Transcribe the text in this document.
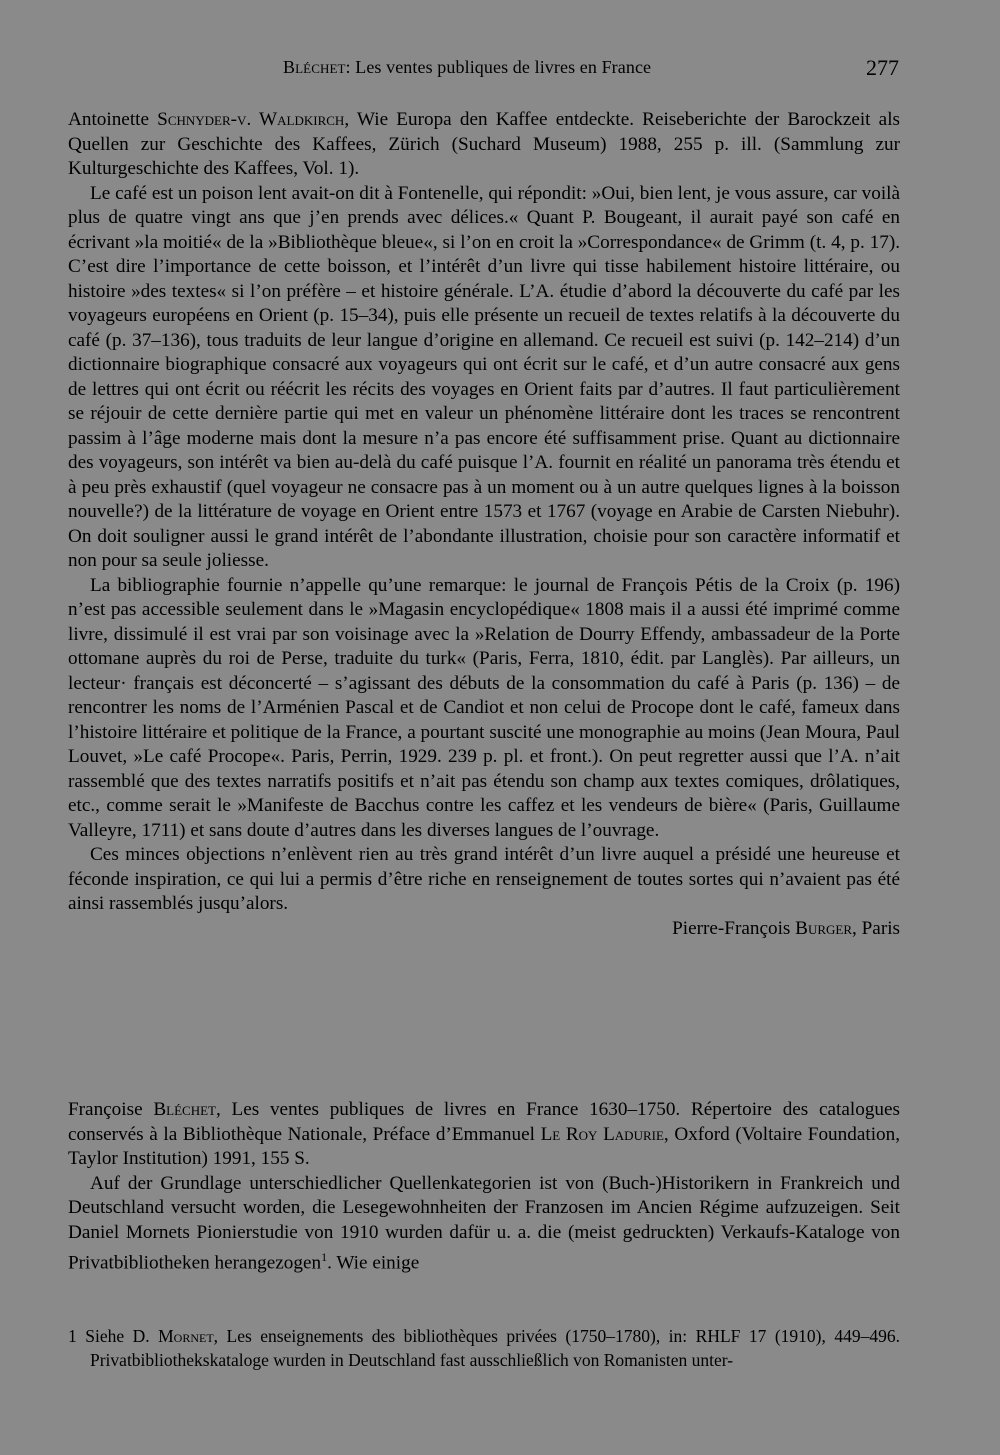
Bléchet: Les ventes publiques de livres en France	277

Antoinette Schnyder-v. Waldkirch, Wie Europa den Kaffee entdeckte. Reiseberichte der Barockzeit als Quellen zur Geschichte des Kaffees, Zürich (Suchard Museum) 1988, 255 p. ill. (Sammlung zur Kulturgeschichte des Kaffees, Vol. 1).

Le café est un poison lent avait-on dit à Fontenelle, qui répondit: »Oui, bien lent, je vous assure, car voilà plus de quatre vingt ans que j’en prends avec délices.« Quant P. Bougeant, il aurait payé son café en écrivant »la moitié« de la »Bibliothèque bleue«, si l’on en croit la »Correspondance« de Grimm (t. 4, p. 17). C’est dire l’importance de cette boisson, et l’intérêt d’un livre qui tisse habilement histoire littéraire, ou histoire »des textes« si l’on préfère – et histoire générale. L’A. étudie d’abord la découverte du café par les voyageurs européens en Orient (p. 15–34), puis elle présente un recueil de textes relatifs à la découverte du café (p. 37–136), tous traduits de leur langue d’origine en allemand. Ce recueil est suivi (p. 142–214) d’un dictionnaire biographique consacré aux voyageurs qui ont écrit sur le café, et d’un autre consacré aux gens de lettres qui ont écrit ou réécrit les récits des voyages en Orient faits par d’autres. Il faut particulièrement se réjouir de cette dernière partie qui met en valeur un phénomène littéraire dont les traces se rencontrent passim à l’âge moderne mais dont la mesure n’a pas encore été suffisamment prise. Quant au dictionnaire des voyageurs, son intérêt va bien au-delà du café puisque l’A. fournit en réalité un panorama très étendu et à peu près exhaustif (quel voyageur ne consacre pas à un moment ou à un autre quelques lignes à la boisson nouvelle?) de la littérature de voyage en Orient entre 1573 et 1767 (voyage en Arabie de Carsten Niebuhr). On doit souligner aussi le grand intérêt de l’abondante illustration, choisie pour son caractère informatif et non pour sa seule joliesse.

La bibliographie fournie n’appelle qu’une remarque: le journal de François Pétis de la Croix (p. 196) n’est pas accessible seulement dans le »Magasin encyclopédique« 1808 mais il a aussi été imprimé comme livre, dissimulé il est vrai par son voisinage avec la »Relation de Dourry Effendy, ambassadeur de la Porte ottomane auprès du roi de Perse, traduite du turk« (Paris, Ferra, 1810, édit. par Langlès). Par ailleurs, un lecteur· français est déconcerté – s’agissant des débuts de la consommation du café à Paris (p. 136) – de rencontrer les noms de l’Arménien Pascal et de Candiot et non celui de Procope dont le café, fameux dans l’histoire littéraire et politique de la France, a pourtant suscité une monographie au moins (Jean Moura, Paul Louvet, »Le café Procope«. Paris, Perrin, 1929. 239 p. pl. et front.). On peut regretter aussi que l’A. n’ait rassemblé que des textes narratifs positifs et n’ait pas étendu son champ aux textes comiques, drôlatiques, etc., comme serait le »Manifeste de Bacchus contre les caffez et les vendeurs de bière« (Paris, Guillaume Valleyre, 1711) et sans doute d’autres dans les diverses langues de l’ouvrage.

Ces minces objections n’enlèvent rien au très grand intérêt d’un livre auquel a présidé une heureuse et féconde inspiration, ce qui lui a permis d’être riche en renseignement de toutes sortes qui n’avaient pas été ainsi rassemblés jusqu’alors.

Pierre-François Burger, Paris

Françoise Bléchet, Les ventes publiques de livres en France 1630–1750. Répertoire des catalogues conservés à la Bibliothèque Nationale, Préface d’Emmanuel Le Roy Ladurie, Oxford (Voltaire Foundation, Taylor Institution) 1991, 155 S.

Auf der Grundlage unterschiedlicher Quellenkategorien ist von (Buch-)Historikern in Frankreich und Deutschland versucht worden, die Lesegewohnheiten der Franzosen im Ancien Régime aufzuzeigen. Seit Daniel Mornets Pionierstudie von 1910 wurden dafür u. a. die (meist gedruckten) Verkaufs-Kataloge von Privatbibliotheken herangezogen$^1$. Wie einige

1 Siehe D. Mornet, Les enseignements des bibliothèques privées (1750–1780), in: RHLF 17 (1910), 449–496. Privatbibliothekskataloge wurden in Deutschland fast ausschließlich von Romanisten unter-
